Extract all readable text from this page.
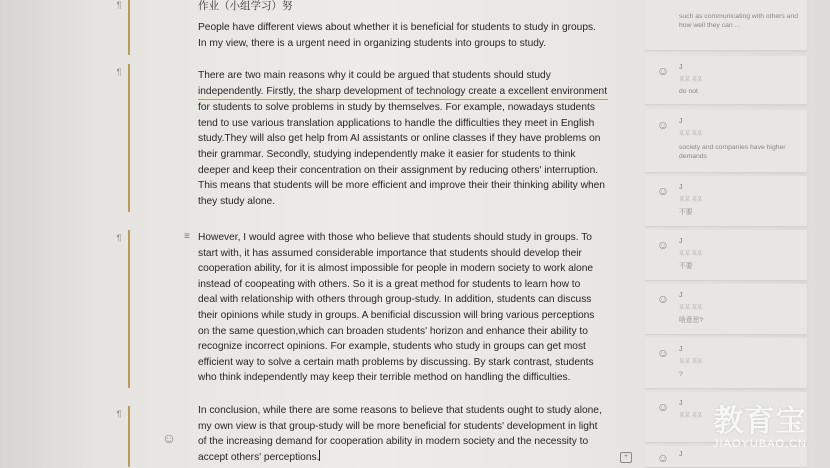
¶
¶
¶
¶
☺
≡
作业（小组学习）努
People have different views about whether it is beneficial for students to study in groups.
In my view, there is a urgent need in organizing students into groups to study.
There are two main reasons why it could be argued that students should study
independently. Firstly, the sharp development of technology create a excellent environment
for students to solve problems in study by themselves. For example, nowadays students
tend to use various translation applications to handle the difficulties they meet in English
study.They will also get help from AI assistants or online classes if they have problems on
their grammar. Secondly, studying independently make it easier for students to think
deeper and keep their concentration on their assignment by reducing others' interruption.
This means that students will be more efficient and improve their their thinking ability when
they study alone.
However, I would agree with those who believe that students should study in groups. To
start with, it has assumed considerable importance that students should develop their
cooperation ability, for it is almost impossible for people in modern society to work alone
instead of coopeating with others. So it is a great method for students to learn how to
deal with relationship with others through group-study. In addition, students can discuss
their opinions while study in groups. A benificial discussion will bring various perceptions
on the same question,which can broaden students' horizon and enhance their ability to
recognize incorrect opinions. For example, students who study in groups can get most
efficient way to solve a certain math problems by discussing. By stark contrast, students
who think independently may keep their terrible method on handling the difficulties.
In conclusion, while there are some reasons to believe that students ought to study alone,
my own view is that group-study will be more beneficial for students' development in light
of the increasing demand for cooperation ability in modern society and the necessity to
accept others' perceptions.
such as communicating with others and how well they can ...
☺ J
某某 某某
do not
☺ J
某某 某某
society and companies have higher demands
☺ J
某某 某某
不要
☺ J
某某 某某
不要
☺ J
某某 某某
啥意思?
☺ J
某某 某某
?
☺ J
某某 某某
☺ J
+
教育宝
JIAOYUBAO.CN
